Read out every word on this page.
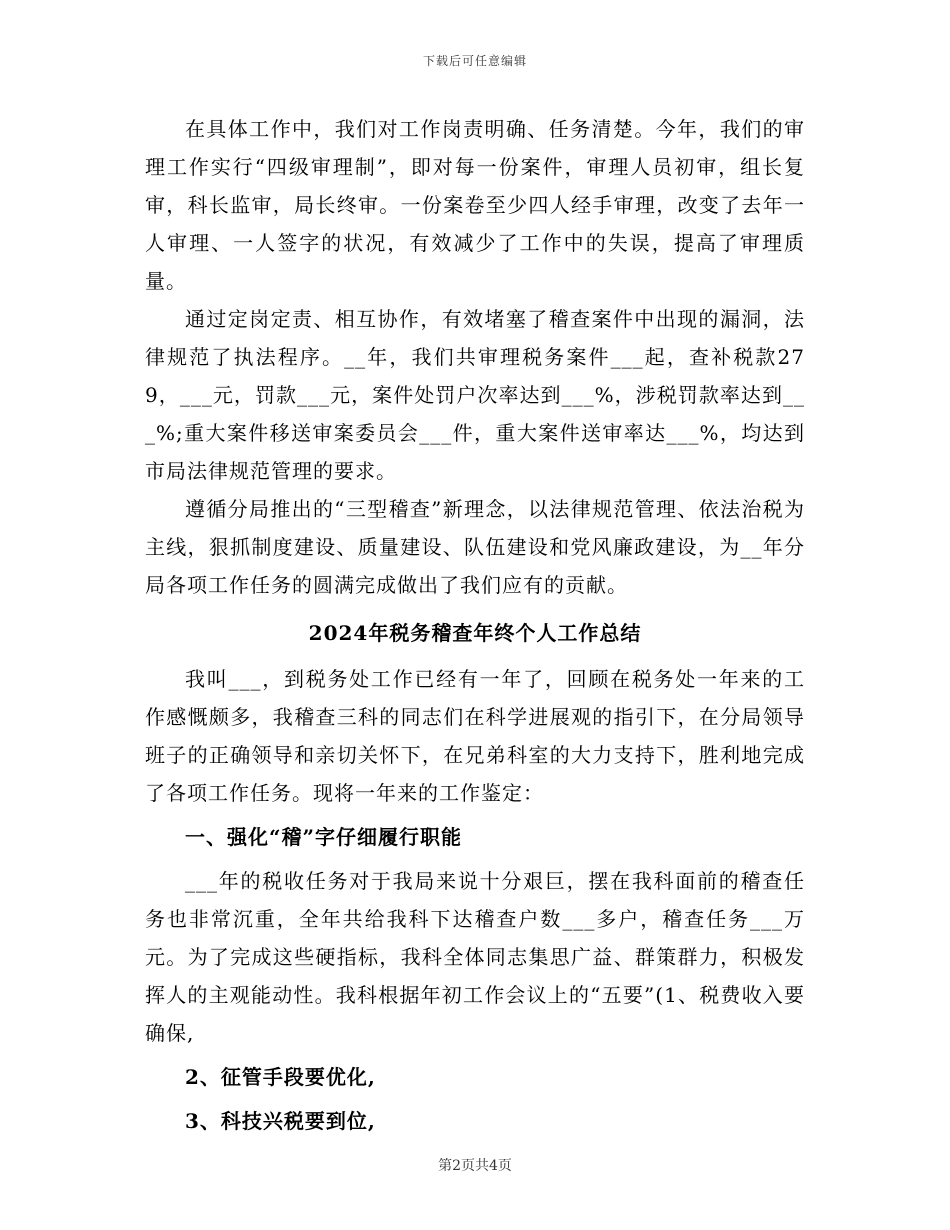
下载后可任意编辑

在具体工作中，我们对工作岗责明确、任务清楚。今年，我们的审理工作实行“四级审理制”，即对每一份案件，审理人员初审，组长复审，科长监审，局长终审。一份案卷至少四人经手审理，改变了去年一人审理、一人签字的状况，有效减少了工作中的失误，提高了审理质量。

通过定岗定责、相互协作，有效堵塞了稽查案件中出现的漏洞，法律规范了执法程序。__年，我们共审理税务案件___起，查补税款279，___元，罚款___元，案件处罚户次率达到___%，涉税罚款率达到___%;重大案件移送审案委员会___件，重大案件送审率达___%，均达到市局法律规范管理的要求。

遵循分局推出的“三型稽查”新理念，以法律规范管理、依法治税为主线，狠抓制度建设、质量建设、队伍建设和党风廉政建设，为__年分局各项工作任务的圆满完成做出了我们应有的贡献。

2024年税务稽查年终个人工作总结

我叫___，到税务处工作已经有一年了，回顾在税务处一年来的工作感慨颇多，我稽查三科的同志们在科学进展观的指引下，在分局领导班子的正确领导和亲切关怀下，在兄弟科室的大力支持下，胜利地完成了各项工作任务。现将一年来的工作鉴定：

一、强化“稽”字仔细履行职能

___年的税收任务对于我局来说十分艰巨，摆在我科面前的稽查任务也非常沉重，全年共给我科下达稽查户数___多户，稽查任务___万元。为了完成这些硬指标，我科全体同志集思广益、群策群力，积极发挥人的主观能动性。我科根据年初工作会议上的“五要”(1、税费收入要确保,

2、征管手段要优化,

3、科技兴税要到位,

第2页共4页
